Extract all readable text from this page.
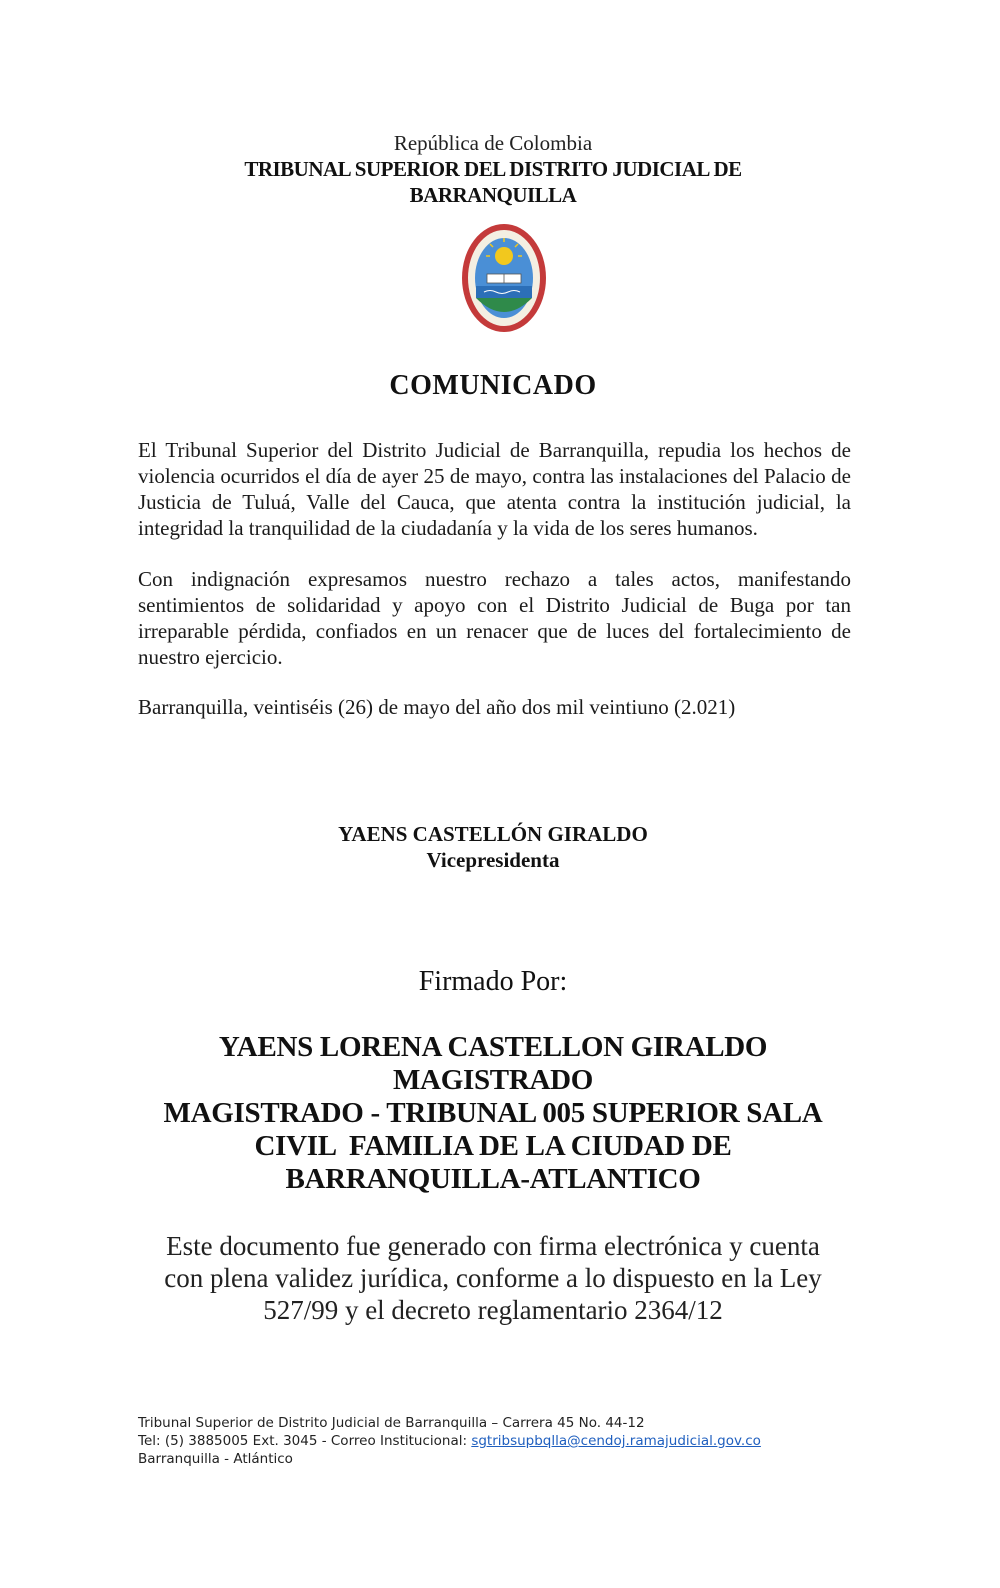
República de Colombia
TRIBUNAL SUPERIOR DEL DISTRITO JUDICIAL DE
BARRANQUILLA
COMUNICADO

El Tribunal Superior del Distrito Judicial de Barranquilla, repudia los hechos de violencia ocurridos el día de ayer 25 de mayo, contra las instalaciones del Palacio de Justicia de Tuluá, Valle del Cauca, que atenta contra la institución judicial, la integridad la tranquilidad de la ciudadanía y la vida de los seres humanos.

Con indignación expresamos nuestro rechazo a tales actos, manifestando sentimientos de solidaridad y apoyo con el Distrito Judicial de Buga por tan irreparable pérdida, confiados en un renacer que de luces del fortalecimiento de nuestro ejercicio.

Barranquilla, veintiséis (26) de mayo del año dos mil veintiuno (2.021)

YAENS CASTELLÓN GIRALDO
Vicepresidenta
Firmado Por:
YAENS LORENA CASTELLON GIRALDO
MAGISTRADO
MAGISTRADO - TRIBUNAL 005 SUPERIOR SALA
CIVIL  FAMILIA DE LA CIUDAD DE
BARRANQUILLA-ATLANTICO
Este documento fue generado con firma electrónica y cuenta
con plena validez jurídica, conforme a lo dispuesto en la Ley
527/99 y el decreto reglamentario 2364/12
Tribunal Superior de Distrito Judicial de Barranquilla – Carrera 45 No. 44-12
Tel: (5) 3885005 Ext. 3045 - Correo Institucional: sgtribsupbqlla@cendoj.ramajudicial.gov.co
Barranquilla - Atlántico
